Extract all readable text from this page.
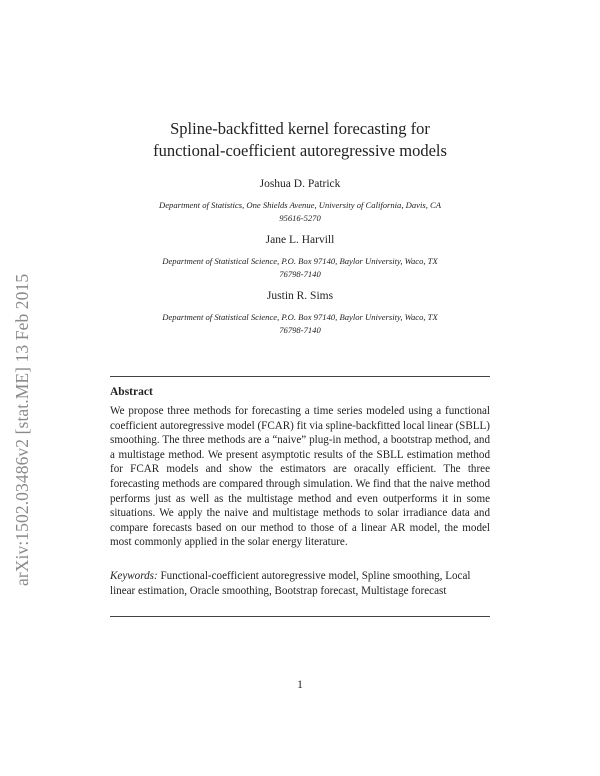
arXiv:1502.03486v2 [stat.ME] 13 Feb 2015
Spline-backfitted kernel forecasting for
functional-coefficient autoregressive models
Joshua D. Patrick
Department of Statistics, One Shields Avenue, University of California, Davis, CA
95616-5270
Jane L. Harvill
Department of Statistical Science, P.O. Box 97140, Baylor University, Waco, TX
76798-7140
Justin R. Sims
Department of Statistical Science, P.O. Box 97140, Baylor University, Waco, TX
76798-7140
Abstract
We propose three methods for forecasting a time series modeled using a functional coefficient autoregressive model (FCAR) fit via spline-backfitted local linear (SBLL) smoothing. The three methods are a “naive” plug-in method, a bootstrap method, and a multistage method. We present asymptotic results of the SBLL estimation method for FCAR models and show the estimators are oracally efficient. The three forecasting methods are compared through simulation. We find that the naive method performs just as well as the multistage method and even outperforms it in some situations. We apply the naive and multistage methods to solar irradiance data and compare forecasts based on our method to those of a linear AR model, the model most commonly applied in the solar energy literature.
Keywords: Functional-coefficient autoregressive model, Spline smoothing, Local linear estimation, Oracle smoothing, Bootstrap forecast, Multistage forecast
1
